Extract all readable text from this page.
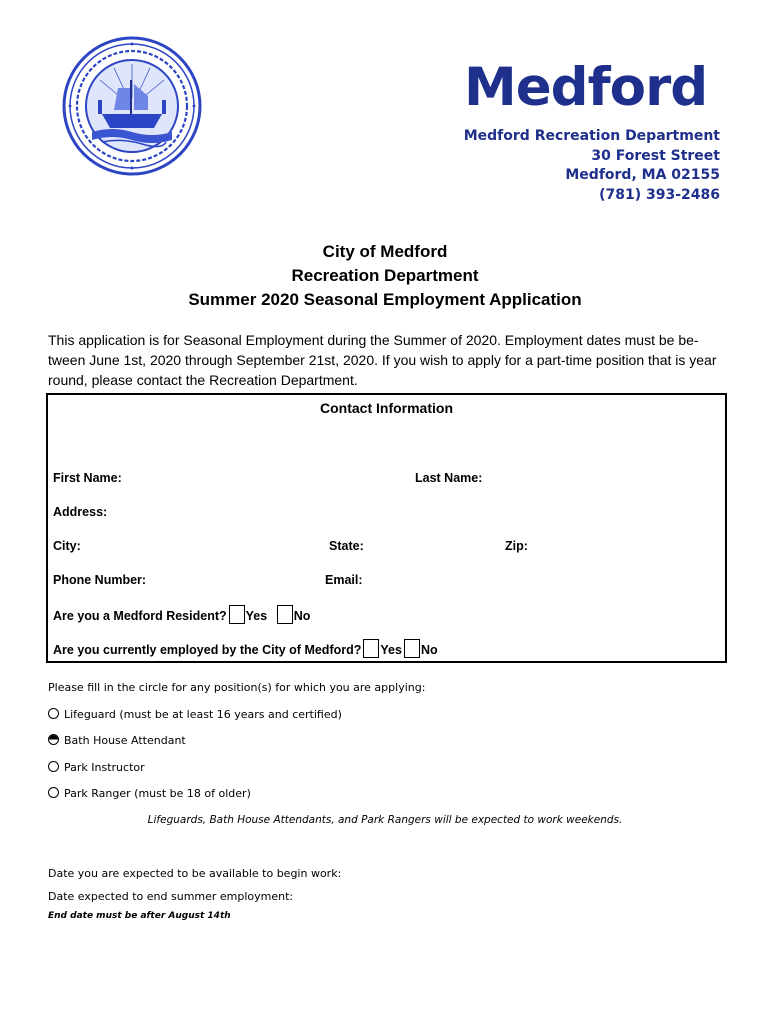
Medford
Medford Recreation Department
30 Forest Street
Medford, MA 02155
(781) 393-2486
City of Medford
Recreation Department
Summer 2020 Seasonal Employment Application
This application is for Seasonal Employment during the Summer of 2020. Employment dates must be be-
tween June 1st, 2020 through September 21st, 2020. If you wish to apply for a part-time position that is year
round, please contact the Recreation Department.
Contact Information
First Name:	Last Name:
Address:
City:	State:	Zip:
Phone Number:	Email:
Are you a Medford Resident? Yes No
Are you currently employed by the City of Medford? Yes No
Please fill in the circle for any position(s) for which you are applying:
Lifeguard (must be at least 16 years and certified)
Bath House Attendant
Park Instructor
Park Ranger (must be 18 of older)
Lifeguards, Bath House Attendants, and Park Rangers will be expected to work weekends.
Date you are expected to be available to begin work:
Date expected to end summer employment:
End date must be after August 14th
